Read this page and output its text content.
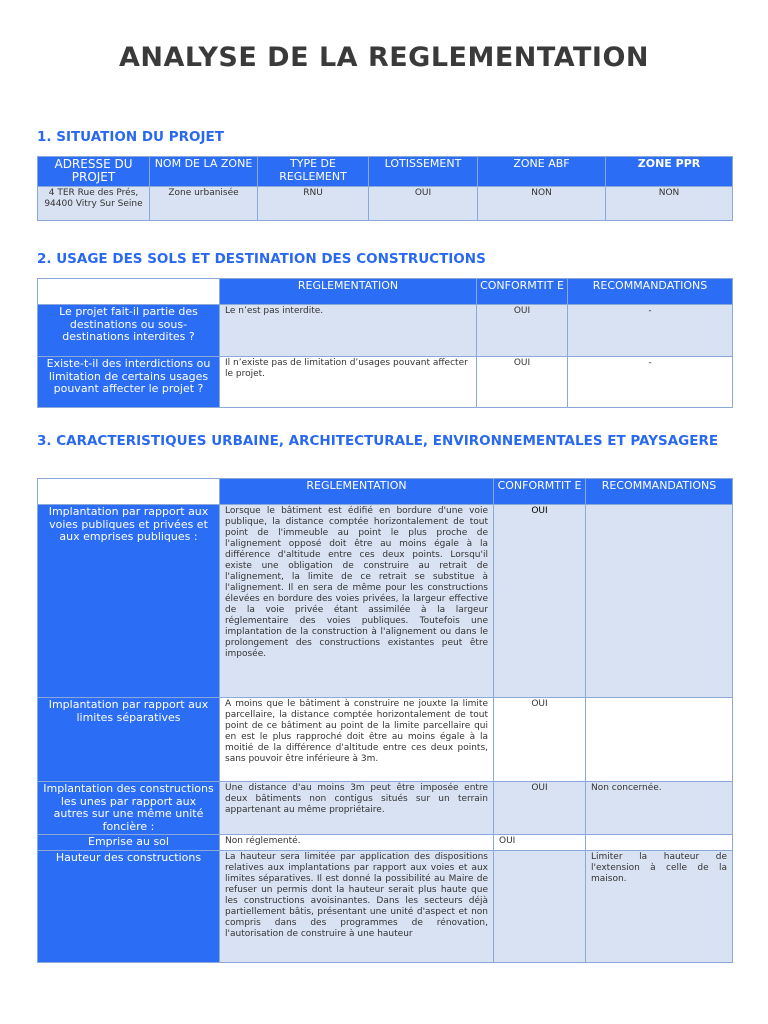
ANALYSE DE LA REGLEMENTATION
1. SITUATION DU PROJET
ADRESSE DU PROJET	NOM DE LA ZONE	TYPE DE REGLEMENT	LOTISSEMENT	ZONE ABF	ZONE PPR
4 TER Rue des Prés, 94400 Vitry Sur Seine	Zone urbanisée	RNU	OUI	NON	NON
2. USAGE DES SOLS ET DESTINATION DES CONSTRUCTIONS
	REGLEMENTATION	CONFORMTIT E	RECOMMANDATIONS
Le projet fait-il partie des destinations ou sous-destinations interdites ?	Le n’est pas interdite.	OUI	-
Existe-t-il des interdictions ou limitation de certains usages pouvant affecter le projet ?	Il n’existe pas de limitation d’usages pouvant affecter le projet.	OUI	-
3. CARACTERISTIQUES URBAINE, ARCHITECTURALE, ENVIRONNEMENTALES ET PAYSAGERE
	REGLEMENTATION	CONFORMTIT E	RECOMMANDATIONS
Implantation par rapport aux voies publiques et privées et aux emprises publiques :	Lorsque le bâtiment est édifié en bordure d'une voie publique, la distance comptée horizontalement de tout point de l'immeuble au point le plus proche de l'alignement opposé doit être au moins égale à la différence d'altitude entre ces deux points. Lorsqu'il existe une obligation de construire au retrait de l'alignement, la limite de ce retrait se substitue à l'alignement. Il en sera de même pour les constructions élevées en bordure des voies privées, la largeur effective de la voie privée étant assimilée à la largeur réglementaire des voies publiques. Toutefois une implantation de la construction à l'alignement ou dans le prolongement des constructions existantes peut être imposée.	OUI	
Implantation par rapport aux limites séparatives	A moins que le bâtiment à construire ne jouxte la limite parcellaire, la distance comptée horizontalement de tout point de ce bâtiment au point de la limite parcellaire qui en est le plus rapproché doit être au moins égale à la moitié de la différence d'altitude entre ces deux points, sans pouvoir être inférieure à 3m.	OUI	
Implantation des constructions les unes par rapport aux autres sur une même unité foncière :	Une distance d'au moins 3m peut être imposée entre deux bâtiments non contigus situés sur un terrain appartenant au même propriétaire.	OUI	Non concernée.
Emprise au sol	Non réglementé.	OUI	
Hauteur des constructions	La hauteur sera limitée par application des dispositions relatives aux implantations par rapport aux voies et aux limites séparatives. Il est donné la possibilité au Maire de refuser un permis dont la hauteur serait plus haute que les constructions avoisinantes. Dans les secteurs déjà partiellement bâtis, présentant une unité d'aspect et non compris dans des programmes de rénovation, l'autorisation de construire à une hauteur		Limiter la hauteur de l'extension à celle de la maison.
